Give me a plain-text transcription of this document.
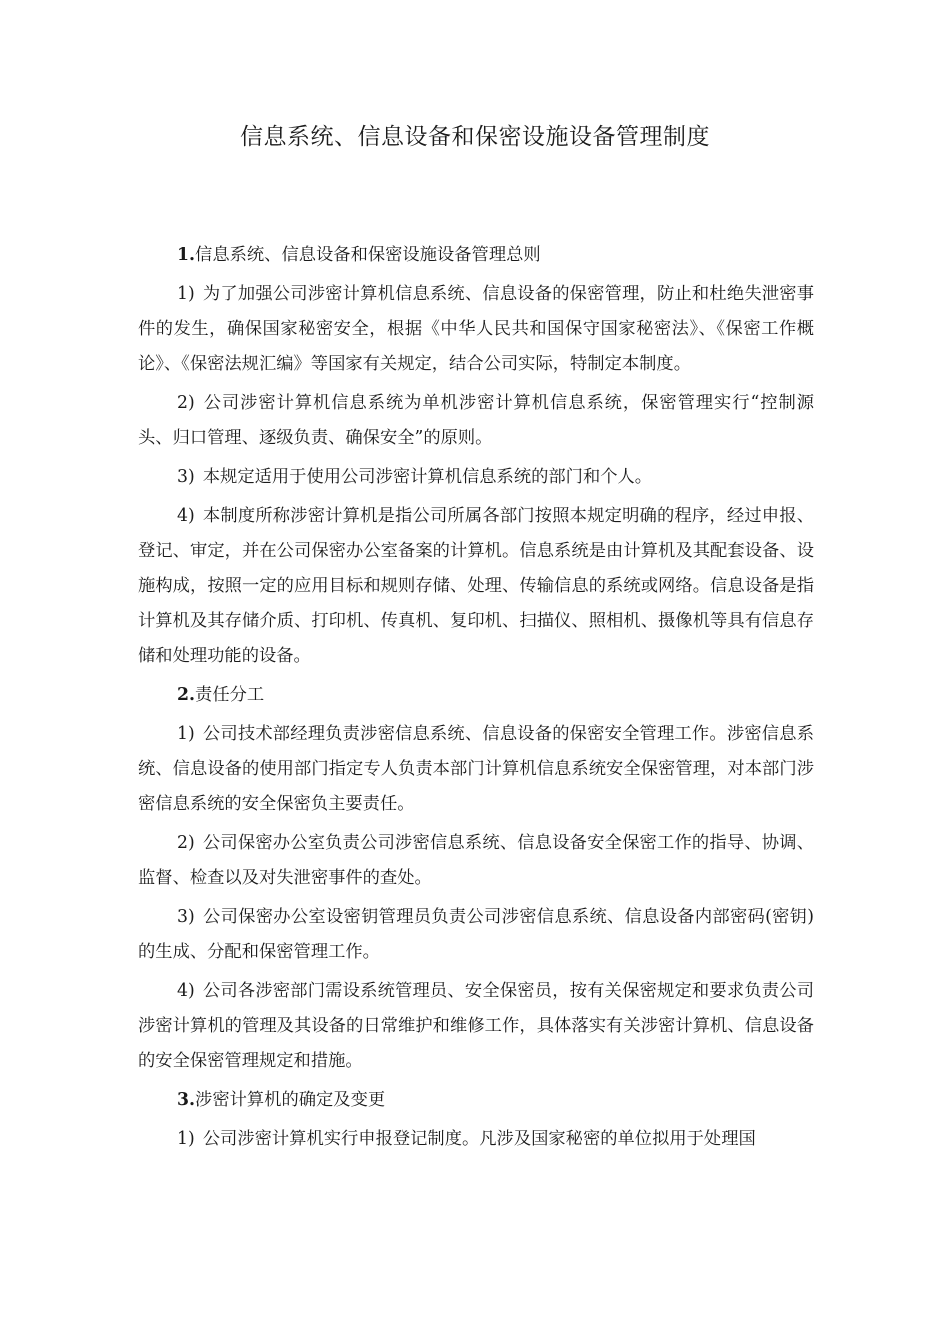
信息系统、信息设备和保密设施设备管理制度

1.信息系统、信息设备和保密设施设备管理总则

1) 为了加强公司涉密计算机信息系统、信息设备的保密管理，防止和杜绝失泄密事件的发生，确保国家秘密安全，根据《中华人民共和国保守国家秘密法》、《保密工作概论》、《保密法规汇编》等国家有关规定，结合公司实际，特制定本制度。

2) 公司涉密计算机信息系统为单机涉密计算机信息系统，保密管理实行“控制源头、归口管理、逐级负责、确保安全”的原则。

3) 本规定适用于使用公司涉密计算机信息系统的部门和个人。

4) 本制度所称涉密计算机是指公司所属各部门按照本规定明确的程序，经过申报、登记、审定，并在公司保密办公室备案的计算机。信息系统是由计算机及其配套设备、设施构成，按照一定的应用目标和规则存储、处理、传输信息的系统或网络。信息设备是指计算机及其存储介质、打印机、传真机、复印机、扫描仪、照相机、摄像机等具有信息存储和处理功能的设备。

2.责任分工

1) 公司技术部经理负责涉密信息系统、信息设备的保密安全管理工作。涉密信息系统、信息设备的使用部门指定专人负责本部门计算机信息系统安全保密管理，对本部门涉密信息系统的安全保密负主要责任。

2) 公司保密办公室负责公司涉密信息系统、信息设备安全保密工作的指导、协调、监督、检查以及对失泄密事件的查处。

3) 公司保密办公室设密钥管理员负责公司涉密信息系统、信息设备内部密码(密钥)的生成、分配和保密管理工作。

4) 公司各涉密部门需设系统管理员、安全保密员，按有关保密规定和要求负责公司涉密计算机的管理及其设备的日常维护和维修工作，具体落实有关涉密计算机、信息设备的安全保密管理规定和措施。

3.涉密计算机的确定及变更

1) 公司涉密计算机实行申报登记制度。凡涉及国家秘密的单位拟用于处理国
